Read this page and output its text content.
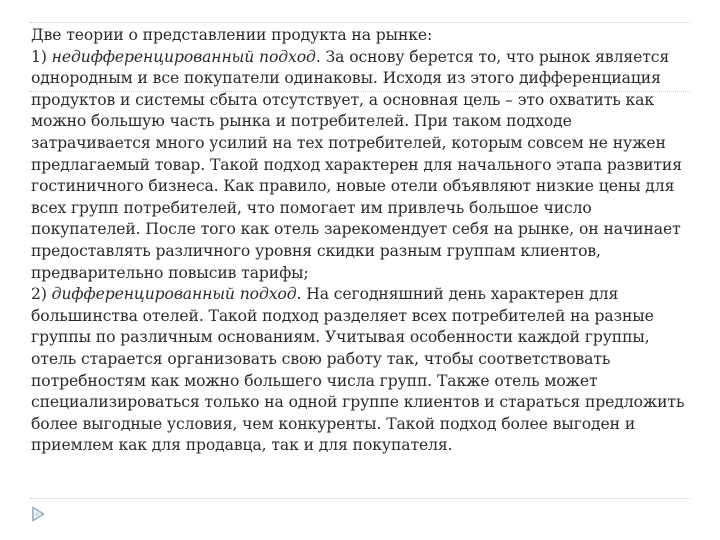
Две теории о представлении продукта на рынке:

1) недифференцированный подход. За основу берется то, что рынок является однородным и все покупатели одинаковы. Исходя из этого дифференциация продуктов и системы сбыта отсутствует, а основная цель – это охватить как можно большую часть рынка и потребителей. При таком подходе затрачивается много усилий на тех потребителей, которым совсем не нужен предлагаемый товар. Такой подход характерен для начального этапа развития гостиничного бизнеса. Как правило, новые отели объявляют низкие цены для всех групп потребителей, что помогает им привлечь большое число покупателей. После того как отель зарекомендует себя на рынке, он начинает предоставлять различного уровня скидки разным группам клиентов, предварительно повысив тарифы;

2) дифференцированный подход. На сегодняшний день характерен для большинства отелей. Такой подход разделяет всех потребителей на разные группы по различным основаниям. Учитывая особенности каждой группы, отель старается организовать свою работу так, чтобы соответствовать потребностям как можно большего числа групп. Также отель может специализироваться только на одной группе клиентов и стараться предложить более выгодные условия, чем конкуренты. Такой подход более выгоден и приемлем как для продавца, так и для покупателя.
